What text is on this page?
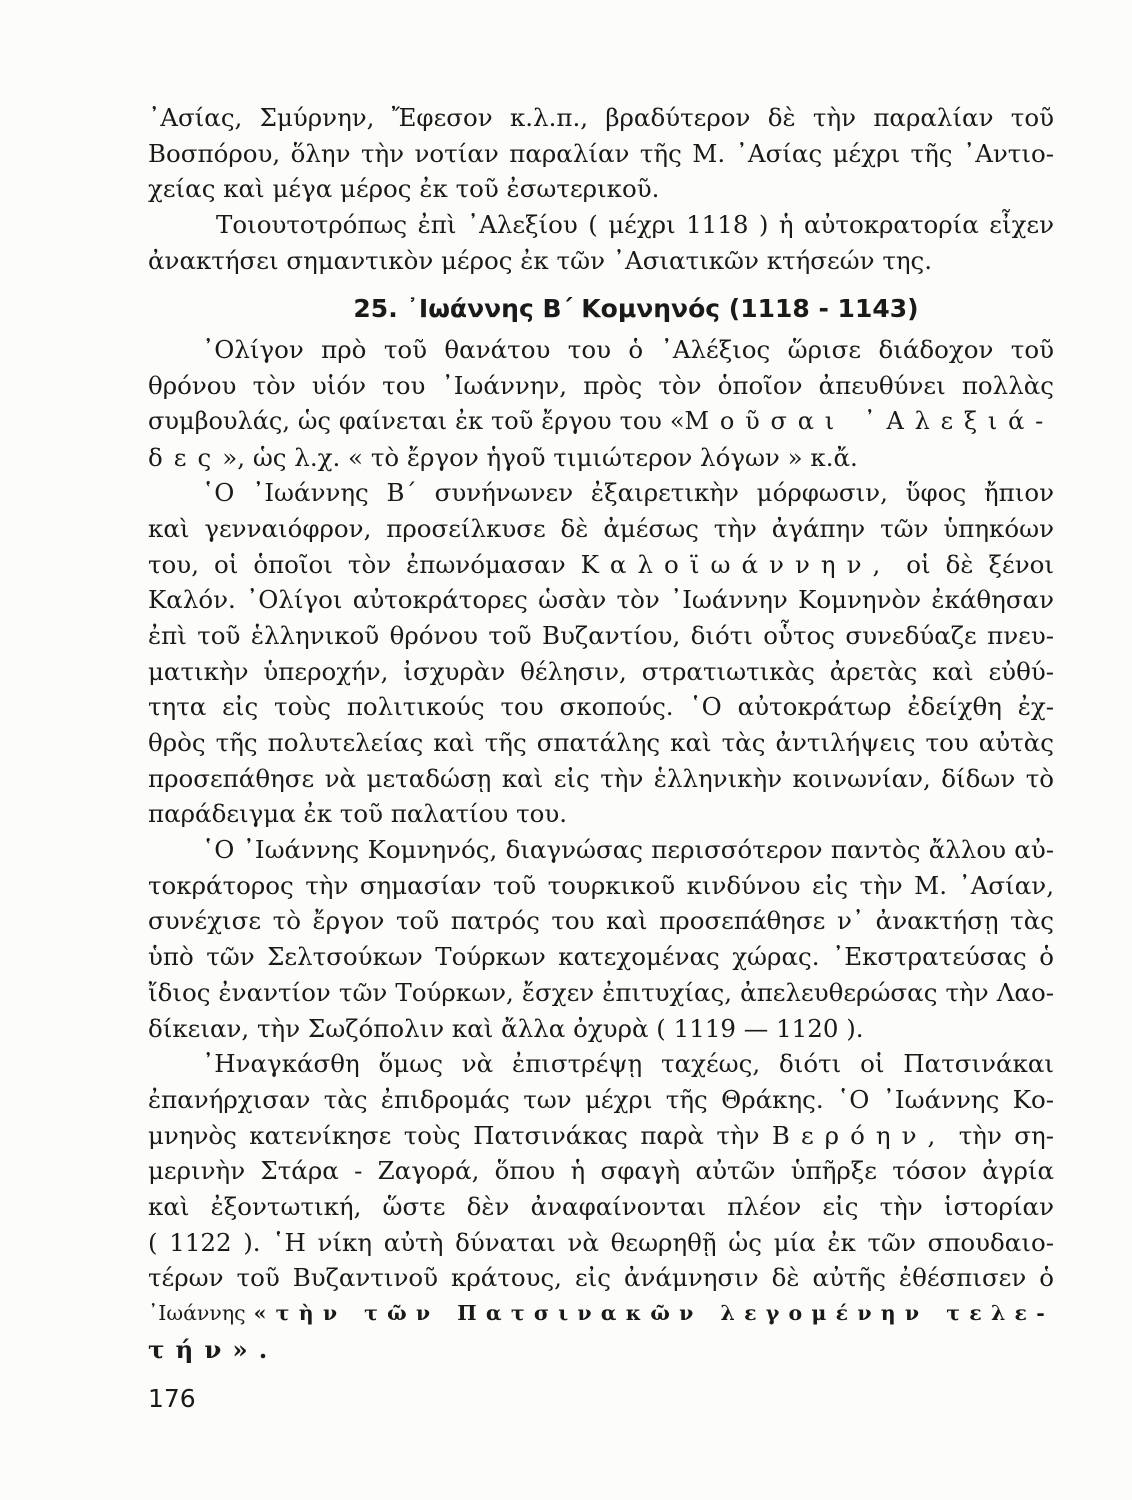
᾿Ασίας, Σμύρνην, Ἔφεσον κ.λ.π., βραδύτερον δὲ τὴν παραλίαν τοῦ
Βοσπόρου, ὅλην τὴν νοτίαν παραλίαν τῆς Μ. ᾿Ασίας μέχρι τῆς ᾿Αντιο-
χείας καὶ μέγα μέρος ἐκ τοῦ ἐσωτερικοῦ.
Τοιουτοτρόπως ἐπὶ ᾿Αλεξίου ( μέχρι 1118 ) ἡ αὐτοκρατορία εἶχεν
ἀνακτήσει σημαντικὸν μέρος ἐκ τῶν ᾿Ασιατικῶν κτήσεών της.
25. ᾿Ιωάννης Β΄ Κομνηνός (1118 - 1143)
᾿Ολίγον πρὸ τοῦ θανάτου του ὁ ᾿Αλέξιος ὥρισε διάδοχον τοῦ
θρόνου τὸν υἱόν του ᾿Ιωάννην, πρὸς τὸν ὁποῖον ἀπευθύνει πολλὰς
συμβουλάς, ὡς φαίνεται ἐκ τοῦ ἔργου του «Μοῦσαι ᾿Αλεξιά-
δες», ὡς λ.χ. « τὸ ἔργον ἡγοῦ τιμιώτερον λόγων » κ.ἄ.
῾Ο ᾿Ιωάννης Β΄ συνήνωνεν ἐξαιρετικὴν μόρφωσιν, ὕφος ἤπιον
καὶ γενναιόφρον, προσείλκυσε δὲ ἀμέσως τὴν ἀγάπην τῶν ὑπηκόων
του, οἱ ὁποῖοι τὸν ἐπωνόμασαν Καλοϊωάννην, οἱ δὲ ξένοι
Καλόν. ᾿Ολίγοι αὐτοκράτορες ὡσὰν τὸν ᾿Ιωάννην Κομνηνὸν ἐκάθησαν
ἐπὶ τοῦ ἑλληνικοῦ θρόνου τοῦ Βυζαντίου, διότι οὗτος συνεδύαζε πνευ-
ματικὴν ὑπεροχήν, ἰσχυρὰν θέλησιν, στρατιωτικὰς ἀρετὰς καὶ εὐθύ-
τητα εἰς τοὺς πολιτικούς του σκοπούς. ῾Ο αὐτοκράτωρ ἐδείχθη ἐχ-
θρὸς τῆς πολυτελείας καὶ τῆς σπατάλης καὶ τὰς ἀντιλήψεις του αὐτὰς
προσεπάθησε νὰ μεταδώσῃ καὶ εἰς τὴν ἑλληνικὴν κοινωνίαν, δίδων τὸ
παράδειγμα ἐκ τοῦ παλατίου του.
῾Ο ᾿Ιωάννης Κομνηνός, διαγνώσας περισσότερον παντὸς ἄλλου αὐ-
τοκράτορος τὴν σημασίαν τοῦ τουρκικοῦ κινδύνου εἰς τὴν Μ. ᾿Ασίαν,
συνέχισε τὸ ἔργον τοῦ πατρός του καὶ προσεπάθησε ν᾿ ἀνακτήσῃ τὰς
ὑπὸ τῶν Σελτσούκων Τούρκων κατεχομένας χώρας. ᾿Εκστρατεύσας ὁ
ἴδιος ἐναντίον τῶν Τούρκων, ἔσχεν ἐπιτυχίας, ἀπελευθερώσας τὴν Λαο-
δίκειαν, τὴν Σωζόπολιν καὶ ἄλλα ὀχυρὰ ( 1119 — 1120 ).
᾿Ηναγκάσθη ὅμως νὰ ἐπιστρέψῃ ταχέως, διότι οἱ Πατσινάκαι
ἐπανήρχισαν τὰς ἐπιδρομάς των μέχρι τῆς Θράκης. ῾Ο ᾿Ιωάννης Κο-
μνηνὸς κατενίκησε τοὺς Πατσινάκας παρὰ τὴν Βερόην, τὴν ση-
μερινὴν Στάρα - Ζαγορά, ὅπου ἡ σφαγὴ αὐτῶν ὑπῆρξε τόσον ἀγρία
καὶ ἐξοντωτική, ὥστε δὲν ἀναφαίνονται πλέον εἰς τὴν ἱστορίαν
( 1122 ). ῾Η νίκη αὐτὴ δύναται νὰ θεωρηθῇ ὡς μία ἐκ τῶν σπουδαιο-
τέρων τοῦ Βυζαντινοῦ κράτους, εἰς ἀνάμνησιν δὲ αὐτῆς ἐθέσπισεν ὁ
᾿Ιωάννης «τὴν τῶν Πατσινακῶν λεγομένην τελε-
τήν».
176
